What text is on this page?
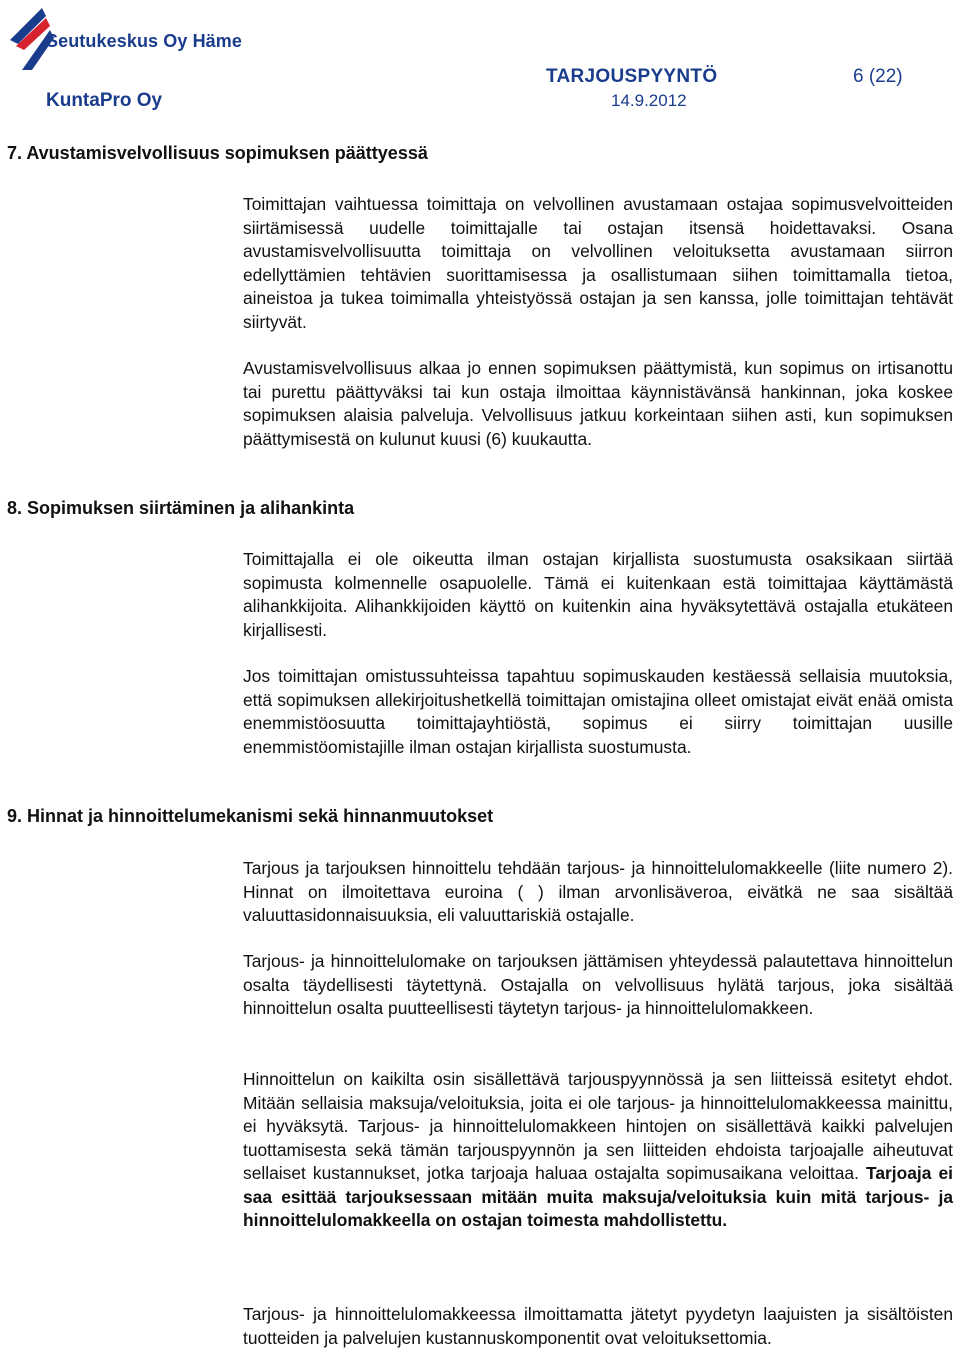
Seutukeskus Oy Häme
KuntaPro Oy
TARJOUSPYYNTÖ	6 (22)
14.9.2012
7. Avustamisvelvollisuus sopimuksen päättyessä

Toimittajan vaihtuessa toimittaja on velvollinen avustamaan ostajaa sopimusvelvoitteiden siirtämisessä uudelle toimittajalle tai ostajan itsensä hoidettavaksi. Osana avustamisvelvollisuutta toimittaja on velvollinen veloituksetta avustamaan siirron edellyttämien tehtävien suorittamisessa ja osallistumaan siihen toimittamalla tietoa, aineistoa ja tukea toimimalla yhteistyössä ostajan ja sen kanssa, jolle toimittajan tehtävät siirtyvät.

Avustamisvelvollisuus alkaa jo ennen sopimuksen päättymistä, kun sopimus on irtisanottu tai purettu päättyväksi tai kun ostaja ilmoittaa käynnistävänsä hankinnan, joka koskee sopimuksen alaisia palveluja. Velvollisuus jatkuu korkeintaan siihen asti, kun sopimuksen päättymisestä on kulunut kuusi (6) kuukautta.

8. Sopimuksen siirtäminen ja alihankinta

Toimittajalla ei ole oikeutta ilman ostajan kirjallista suostumusta osaksikaan siirtää sopimusta kolmennelle osapuolelle. Tämä ei kuitenkaan estä toimittajaa käyttämästä alihankkijoita. Alihankkijoiden käyttö on kuitenkin aina hyväksytettävä ostajalla etukäteen kirjallisesti.

Jos toimittajan omistussuhteissa tapahtuu sopimuskauden kestäessä sellaisia muutoksia, että sopimuksen allekirjoitushetkellä toimittajan omistajina olleet omistajat eivät enää omista enemmistöosuutta toimittajayhtiöstä, sopimus ei siirry toimittajan uusille enemmistöomistajille ilman ostajan kirjallista suostumusta.

9. Hinnat ja hinnoittelumekanismi sekä hinnanmuutokset

Tarjous ja tarjouksen hinnoittelu tehdään tarjous- ja hinnoittelulomakkeelle (liite numero 2). Hinnat on ilmoitettava euroina ( ) ilman arvonlisäveroa, eivätkä ne saa sisältää valuuttasidonnaisuuksia, eli valuuttariskiä ostajalle.

Tarjous- ja hinnoittelulomake on tarjouksen jättämisen yhteydessä palautettava hinnoittelun osalta täydellisesti täytettynä. Ostajalla on velvollisuus hylätä tarjous, joka sisältää hinnoittelun osalta puutteellisesti täytetyn tarjous- ja hinnoittelulomakkeen.

Hinnoittelun on kaikilta osin sisällettävä tarjouspyynnössä ja sen liitteissä esitetyt ehdot. Mitään sellaisia maksuja/veloituksia, joita ei ole tarjous- ja hinnoittelulomakkeessa mainittu, ei hyväksytä. Tarjous- ja hinnoittelulomakkeen hintojen on sisällettävä kaikki palvelujen tuottamisesta sekä tämän tarjouspyynnön ja sen liitteiden ehdoista tarjoajalle aiheutuvat sellaiset kustannukset, jotka tarjoaja haluaa ostajalta sopimusaikana veloittaa. Tarjoaja ei saa esittää tarjouksessaan mitään muita maksuja/veloituksia kuin mitä tarjous- ja hinnoittelulomakkeella on ostajan toimesta mahdollistettu.

Tarjous- ja hinnoittelulomakkeessa ilmoittamatta jätetyt pyydetyn laajuisten ja sisältöisten tuotteiden ja palvelujen kustannuskomponentit ovat veloituksettomia.
